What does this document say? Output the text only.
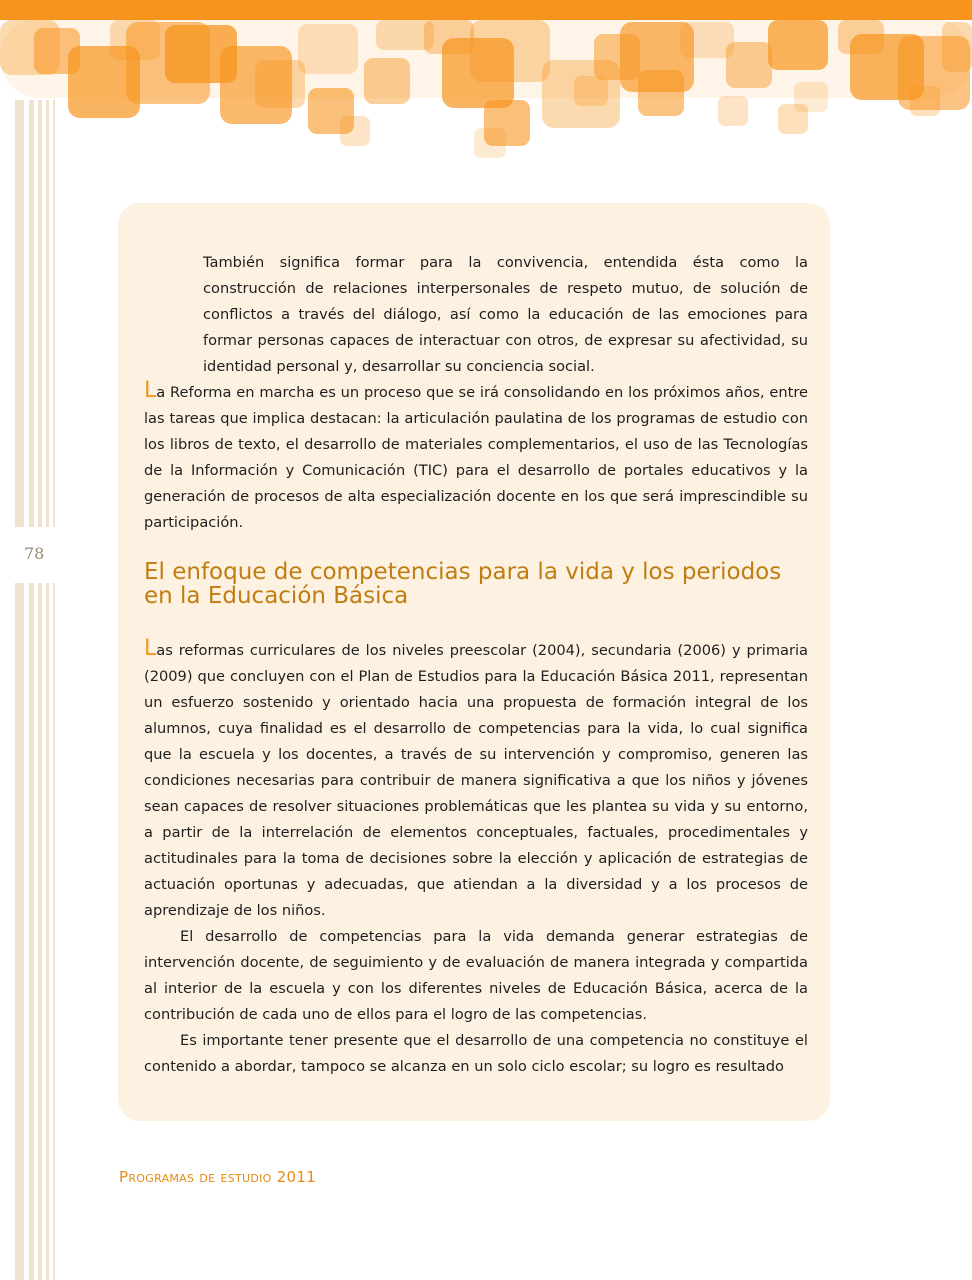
78

También significa formar para la convivencia, entendida ésta como la construcción de relaciones interpersonales de respeto mutuo, de solución de conflictos a través del diálogo, así como la educación de las emociones para formar personas capaces de interactuar con otros, de expresar su afectividad, su identidad personal y, desarrollar su conciencia social.

La Reforma en marcha es un proceso que se irá consolidando en los próximos años, entre las tareas que implica destacan: la articulación paulatina de los programas de estudio con los libros de texto, el desarrollo de materiales complementarios, el uso de las Tecnologías de la Información y Comunicación (TIC) para el desarrollo de portales educativos y la generación de procesos de alta especialización docente en los que será imprescindible su participación.

El enfoque de competencias para la vida y los periodos en la Educación Básica

Las reformas curriculares de los niveles preescolar (2004), secundaria (2006) y primaria (2009) que concluyen con el Plan de Estudios para la Educación Básica 2011, representan un esfuerzo sostenido y orientado hacia una propuesta de formación integral de los alumnos, cuya finalidad es el desarrollo de competencias para la vida, lo cual significa que la escuela y los docentes, a través de su intervención y compromiso, generen las condiciones necesarias para contribuir de manera significativa a que los niños y jóvenes sean capaces de resolver situaciones problemáticas que les plantea su vida y su entorno, a partir de la interrelación de elementos conceptuales, factuales, procedimentales y actitudinales para la toma de decisiones sobre la elección y aplicación de estrategias de actuación oportunas y adecuadas, que atiendan a la diversidad y a los procesos de aprendizaje de los niños.

El desarrollo de competencias para la vida demanda generar estrategias de intervención docente, de seguimiento y de evaluación de manera integrada y compartida al interior de la escuela y con los diferentes niveles de Educación Básica, acerca de la contribución de cada uno de ellos para el logro de las competencias.

Es importante tener presente que el desarrollo de una competencia no constituye el contenido a abordar, tampoco se alcanza en un solo ciclo escolar; su logro es resultado

Programas de estudio 2011
